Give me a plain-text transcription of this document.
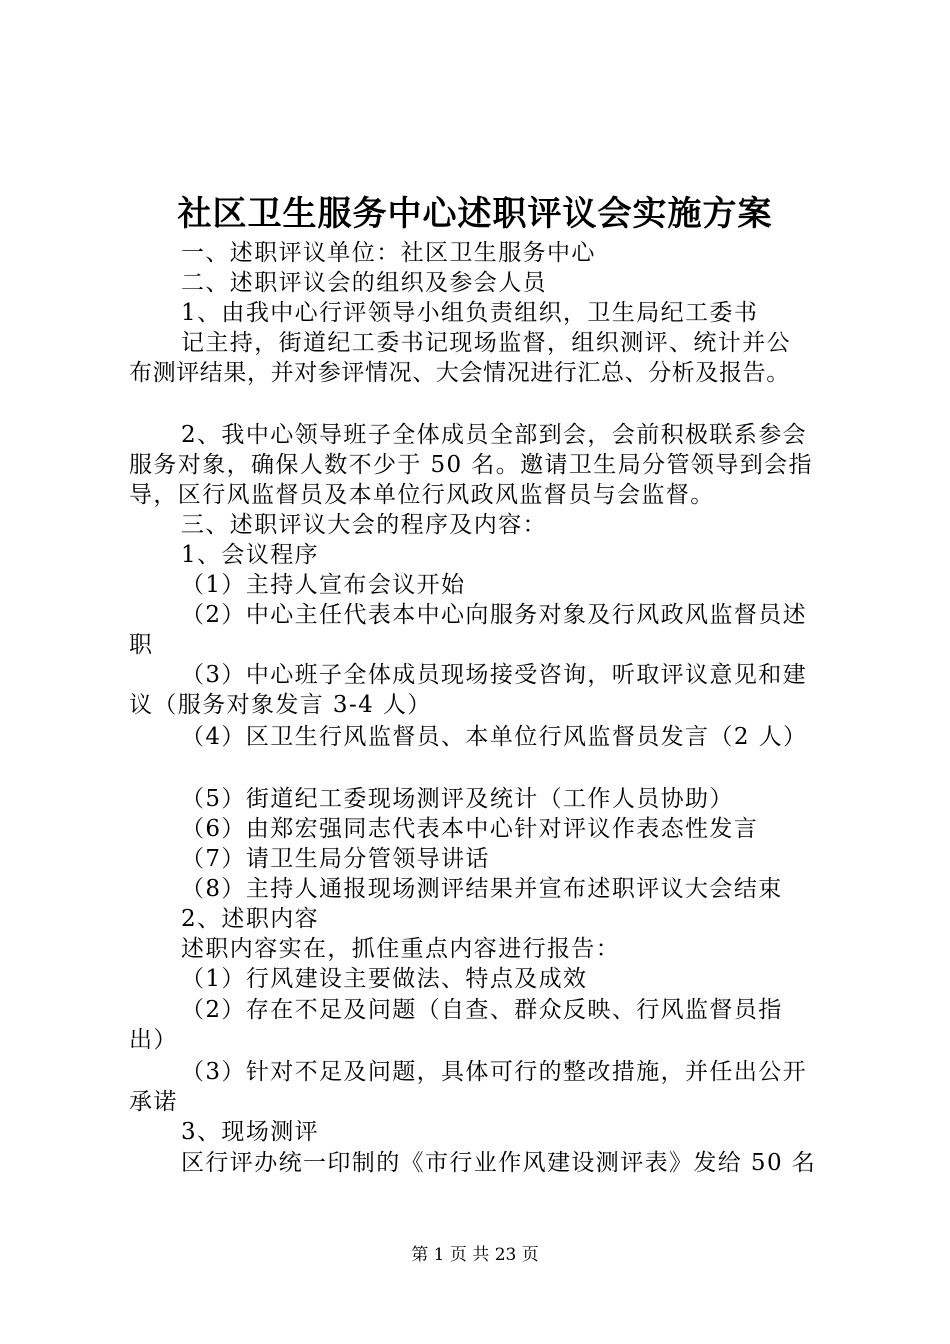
社区卫生服务中心述职评议会实施方案
一、述职评议单位：社区卫生服务中心
二、述职评议会的组织及参会人员
1、由我中心行评领导小组负责组织，卫生局纪工委书
记主持，街道纪工委书记现场监督，组织测评、统计并公
布测评结果，并对参评情况、大会情况进行汇总、分析及报告。
2、我中心领导班子全体成员全部到会，会前积极联系参会
服务对象，确保人数不少于 50 名。邀请卫生局分管领导到会指
导，区行风监督员及本单位行风政风监督员与会监督。
三、述职评议大会的程序及内容：
1、会议程序
（1）主持人宣布会议开始
（2）中心主任代表本中心向服务对象及行风政风监督员述
职
（3）中心班子全体成员现场接受咨询，听取评议意见和建
议（服务对象发言 3-4 人）
（4）区卫生行风监督员、本单位行风监督员发言（2 人）
（5）街道纪工委现场测评及统计（工作人员协助）
（6）由郑宏强同志代表本中心针对评议作表态性发言
（7）请卫生局分管领导讲话
（8）主持人通报现场测评结果并宣布述职评议大会结束
2、述职内容
述职内容实在，抓住重点内容进行报告：
（1）行风建设主要做法、特点及成效
（2）存在不足及问题（自查、群众反映、行风监督员指
出）
（3）针对不足及问题，具体可行的整改措施，并任出公开
承诺
3、现场测评
区行评办统一印制的《市行业作风建设测评表》发给 50 名
第 1 页 共 23 页
